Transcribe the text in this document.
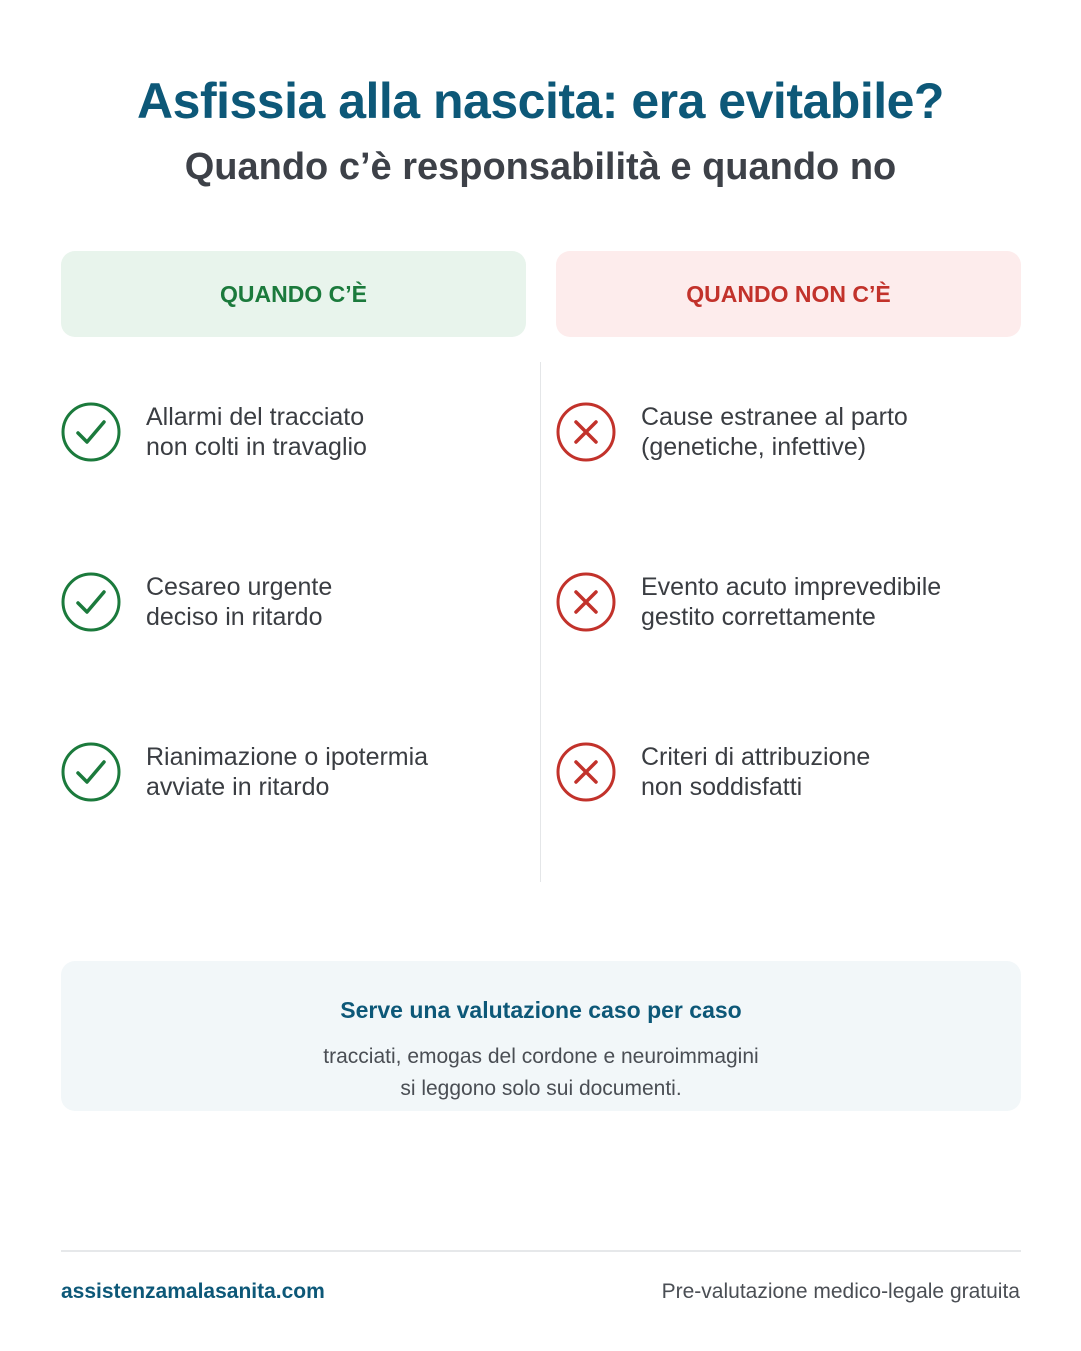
Asfissia alla nascita: era evitabile?
Quando c’è responsabilità e quando no
QUANDO C’È	QUANDO NON C’È
Allarmi del tracciato
non colti in travaglio
Cesareo urgente
deciso in ritardo
Rianimazione o ipotermia
avviate in ritardo
Cause estranee al parto
(genetiche, infettive)
Evento acuto imprevedibile
gestito correttamente
Criteri di attribuzione
non soddisfatti
Serve una valutazione caso per caso
tracciati, emogas del cordone e neuroimmagini
si leggono solo sui documenti.
assistenzamalasanita.com	Pre-valutazione medico-legale gratuita
